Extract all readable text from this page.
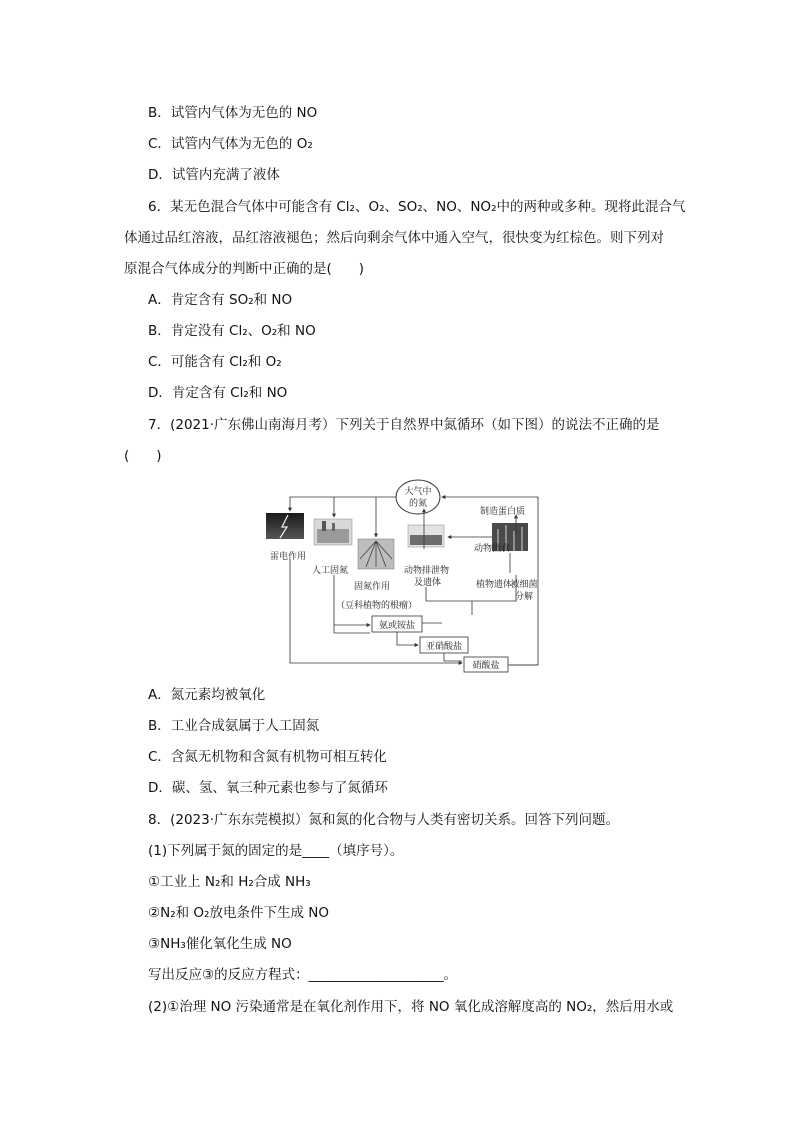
B．试管内气体为无色的 NO
C．试管内气体为无色的 O₂
D．试管内充满了液体
6．某无色混合气体中可能含有 Cl₂、O₂、SO₂、NO、NO₂中的两种或多种。现将此混合气
体通过品红溶液，品红溶液褪色；然后向剩余气体中通入空气，很快变为红棕色。则下列对
原混合气体成分的判断中正确的是(　　)
A．肯定含有 SO₂和 NO
B．肯定没有 Cl₂、O₂和 NO
C．可能含有 Cl₂和 O₂
D．肯定含有 Cl₂和 NO
7．(2021·广东佛山南海月考）下列关于自然界中氮循环（如下图）的说法不正确的是
(　　)
大气中
的氮
雷电作用
人工固氮
固氮作用
（豆科植物的根瘤）
动物排泄物
及遗体
制造蛋白质
动物摄食
植物遗体
被细菌
分解
氨或铵盐
亚硝酸盐
硝酸盐
A．氮元素均被氧化
B．工业合成氨属于人工固氮
C．含氮无机物和含氮有机物可相互转化
D．碳、氢、氧三种元素也参与了氮循环
8．(2023·广东东莞模拟）氮和氮的化合物与人类有密切关系。回答下列问题。
(1)下列属于氮的固定的是____（填序号）。
①工业上 N₂和 H₂合成 NH₃
②N₂和 O₂放电条件下生成 NO
③NH₃催化氧化生成 NO
写出反应③的反应方程式：____________________。
(2)①治理 NO 污染通常是在氧化剂作用下，将 NO 氧化成溶解度高的 NO₂，然后用水或
